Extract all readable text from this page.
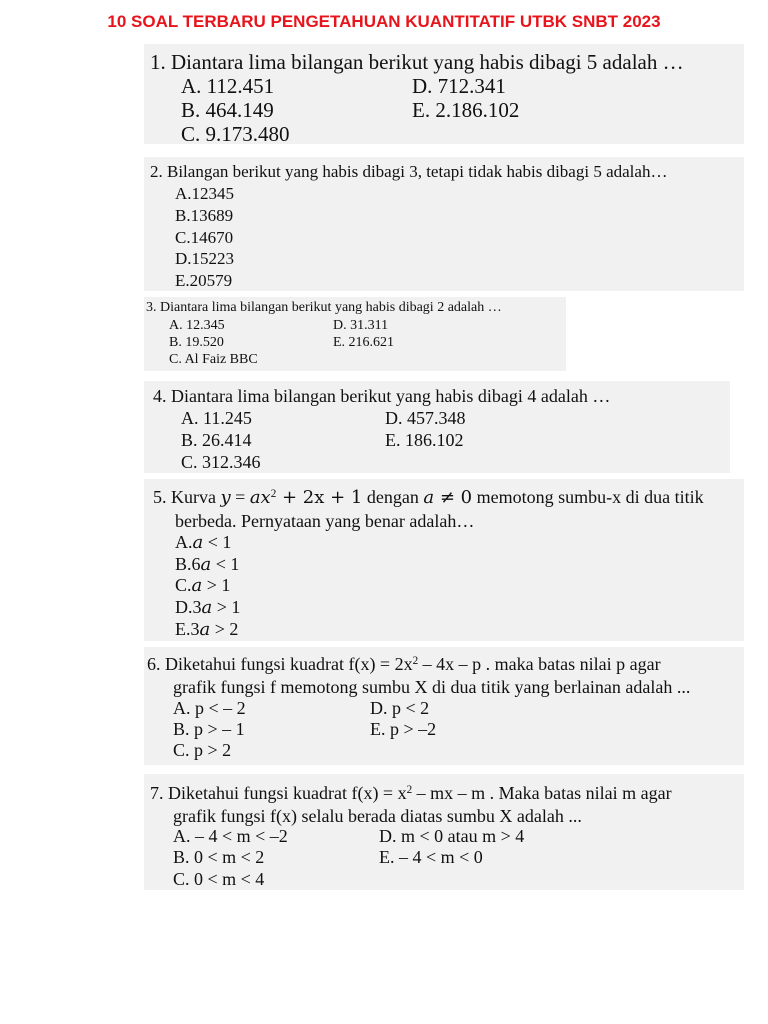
10 SOAL TERBARU PENGETAHUAN KUANTITATIF UTBK SNBT 2023
1. Diantara lima bilangan berikut yang habis dibagi 5 adalah …
A. 112.451
B. 464.149
C. 9.173.480
D. 712.341
E. 2.186.102
2. Bilangan berikut yang habis dibagi 3, tetapi tidak habis dibagi 5 adalah…
A.12345
B.13689
C.14670
D.15223
E.20579
3. Diantara lima bilangan berikut yang habis dibagi 2 adalah …
A. 12.345
B. 19.520
C. Al Faiz BBC
D. 31.311
E. 216.621
4. Diantara lima bilangan berikut yang habis dibagi 4 adalah …
A. 11.245
B. 26.414
C. 312.346
D. 457.348
E. 186.102
5. Kurva $y = ax^2 + 2x + 1$ dengan a ≠ 0 memotong sumbu-x di dua titik
berbeda. Pernyataan yang benar adalah…
A.a < 1
B.6a < 1
C.a > 1
D.3a > 1
E.3a > 2
6. Diketahui fungsi kuadrat $f(x) = 2x^2 - 4x - p$ . maka batas nilai p agar
grafik fungsi f memotong sumbu X di dua titik yang berlainan adalah ...
A. p < – 2
B. p > – 1
C. p > 2
D. p < 2
E. p > –2
7. Diketahui fungsi kuadrat $f(x) = x^2$ – mx – m . Maka batas nilai m agar
grafik fungsi f(x) selalu berada diatas sumbu X adalah ...
A. – 4 < m < –2
B. 0 < m < 2
C. 0 < m < 4
D. m < 0 atau m > 4
E. – 4 < m < 0
